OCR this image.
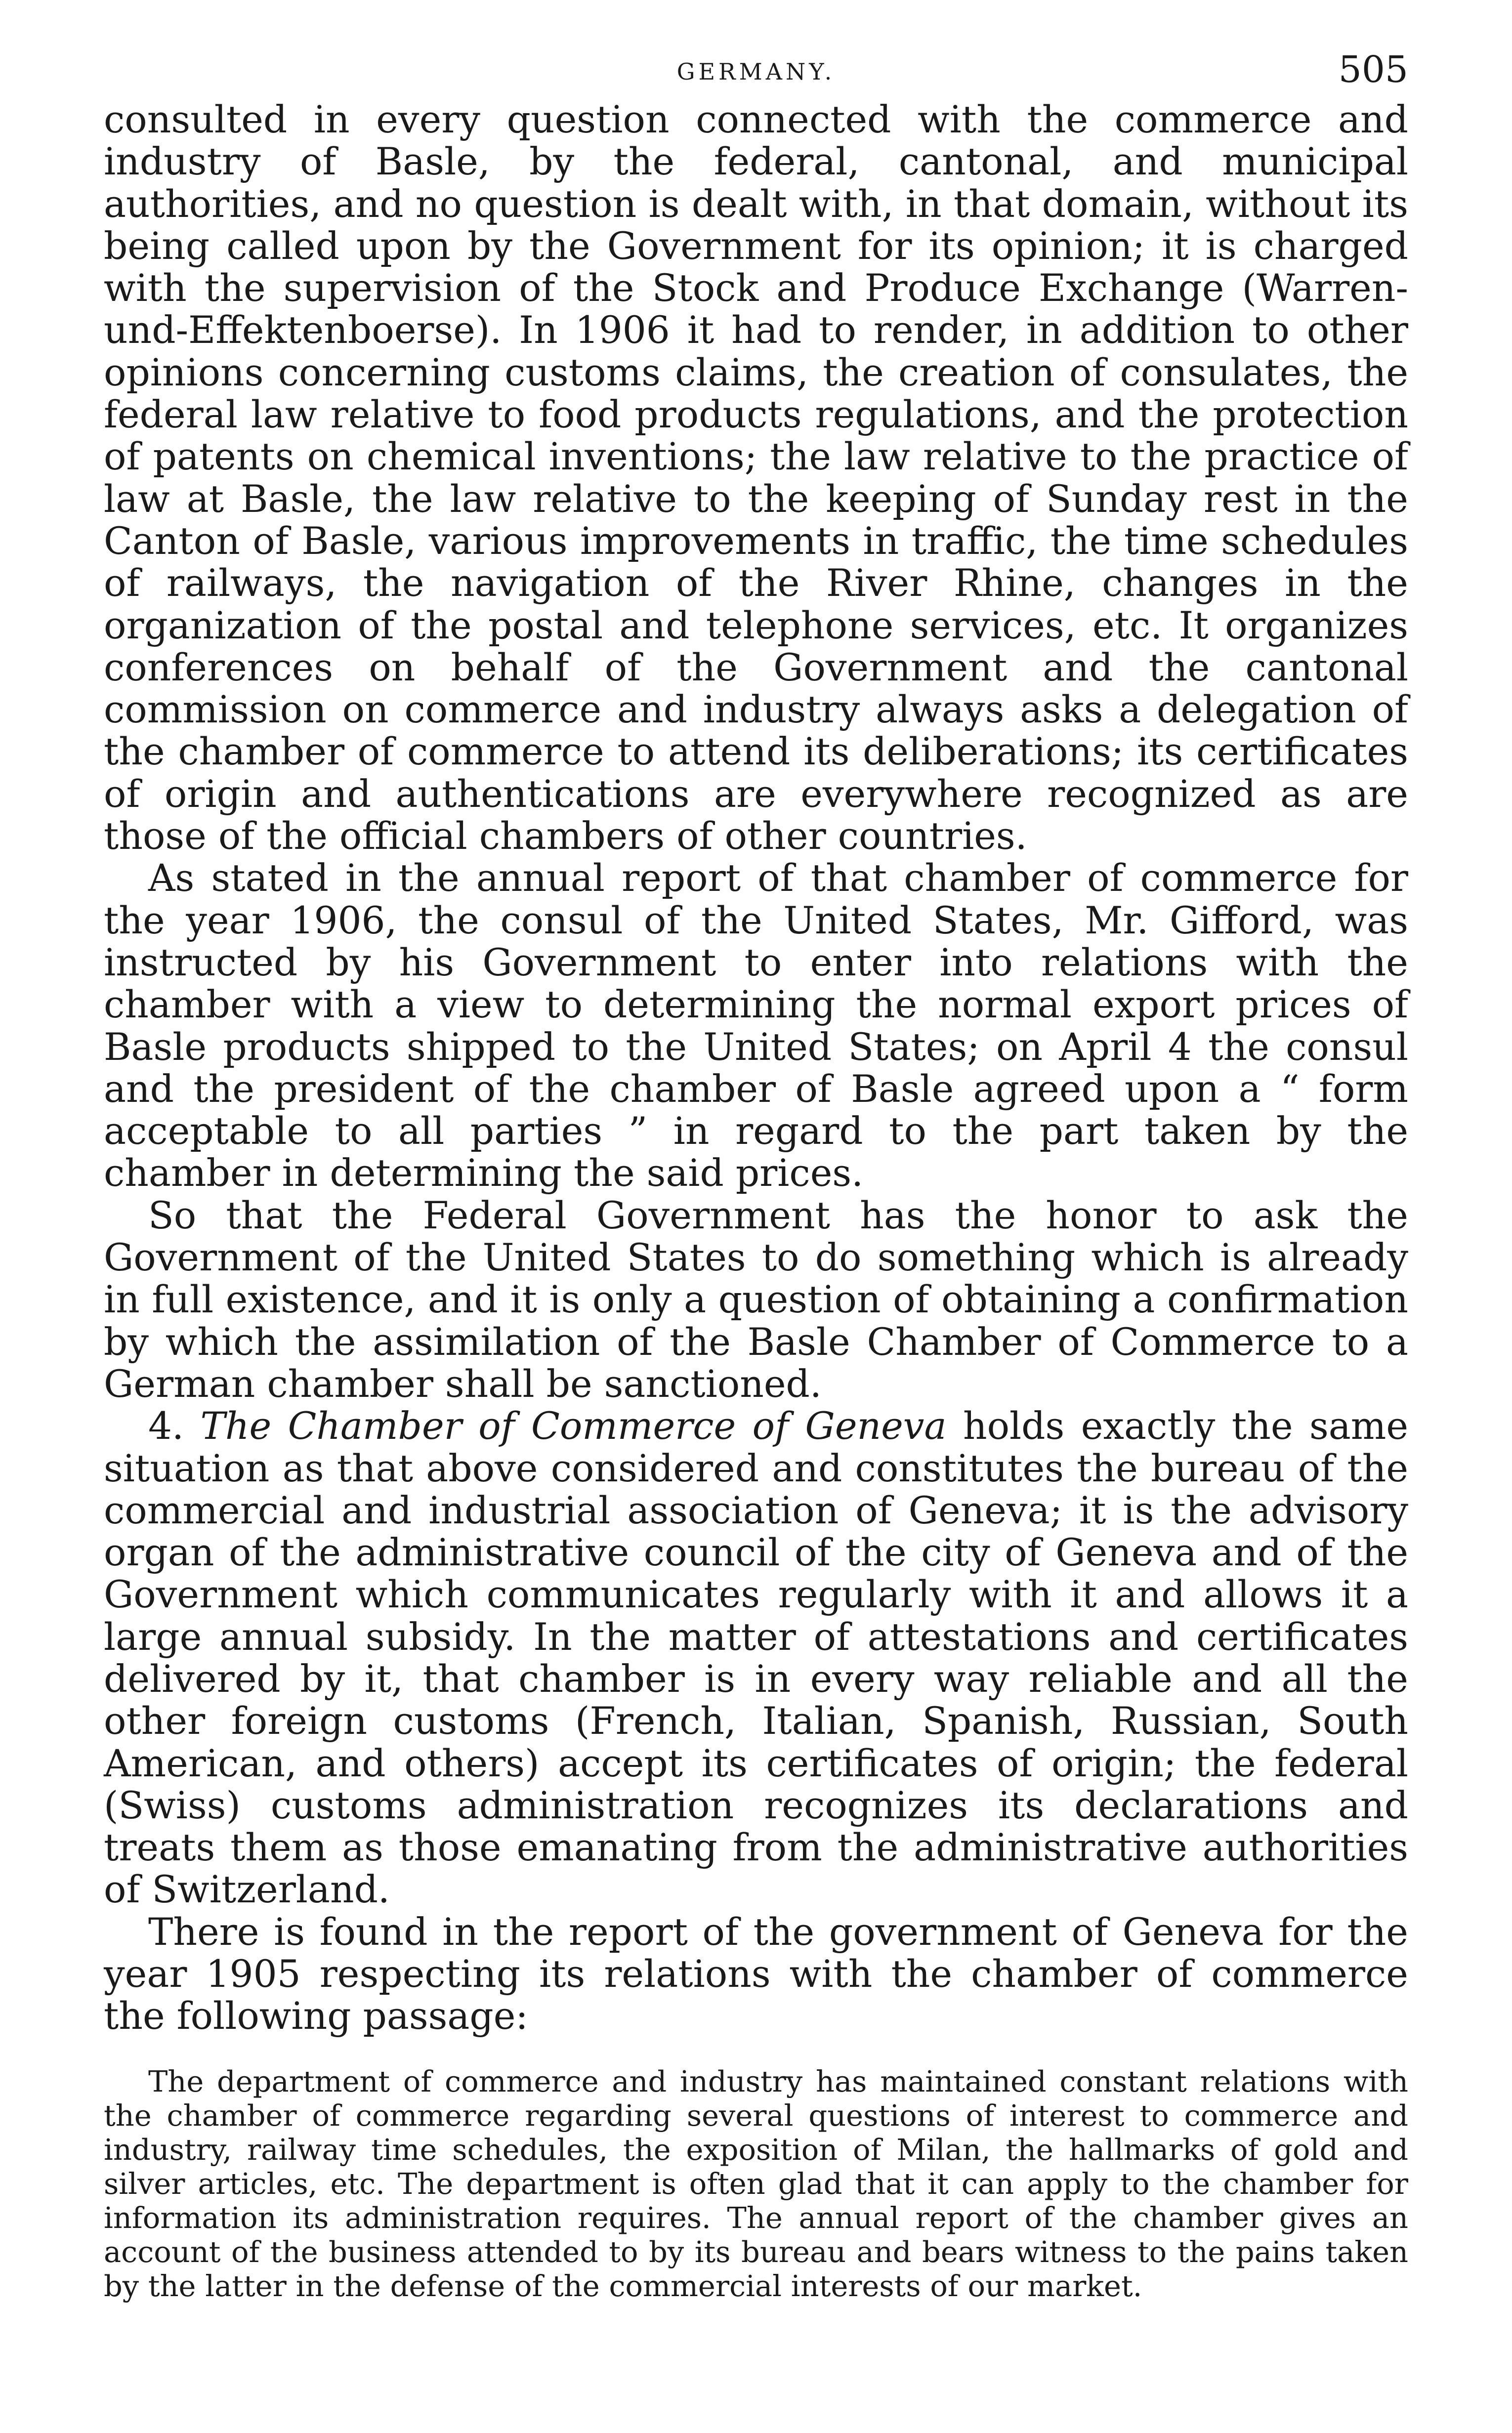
GERMANY.	505

consulted in every question connected with the commerce and industry of Basle, by the federal, cantonal, and municipal authorities, and no question is dealt with, in that domain, without its being called upon by the Government for its opinion; it is charged with the supervision of the Stock and Produce Exchange (Warren-und-Effektenboerse). In 1906 it had to render, in addition to other opinions concerning customs claims, the creation of consulates, the federal law relative to food products regulations, and the protection of patents on chemical inventions; the law relative to the practice of law at Basle, the law relative to the keeping of Sunday rest in the Canton of Basle, various improvements in traffic, the time schedules of railways, the navigation of the River Rhine, changes in the organization of the postal and telephone services, etc. It organizes conferences on behalf of the Government and the cantonal commission on commerce and industry always asks a delegation of the chamber of commerce to attend its deliberations; its certificates of origin and authentications are everywhere recognized as are those of the official chambers of other countries.

As stated in the annual report of that chamber of commerce for the year 1906, the consul of the United States, Mr. Gifford, was instructed by his Government to enter into relations with the chamber with a view to determining the normal export prices of Basle products shipped to the United States; on April 4 the consul and the president of the chamber of Basle agreed upon a “ form acceptable to all parties ” in regard to the part taken by the chamber in determining the said prices.

So that the Federal Government has the honor to ask the Government of the United States to do something which is already in full existence, and it is only a question of obtaining a confirmation by which the assimilation of the Basle Chamber of Commerce to a German chamber shall be sanctioned.

4. The Chamber of Commerce of Geneva holds exactly the same situation as that above considered and constitutes the bureau of the commercial and industrial association of Geneva; it is the advisory organ of the administrative council of the city of Geneva and of the Government which communicates regularly with it and allows it a large annual subsidy. In the matter of attestations and certificates delivered by it, that chamber is in every way reliable and all the other foreign customs (French, Italian, Spanish, Russian, South American, and others) accept its certificates of origin; the federal (Swiss) customs administration recognizes its declarations and treats them as those emanating from the administrative authorities of Switzerland.

There is found in the report of the government of Geneva for the year 1905 respecting its relations with the chamber of commerce the following passage:

The department of commerce and industry has maintained constant relations with the chamber of commerce regarding several questions of interest to commerce and industry, railway time schedules, the exposition of Milan, the hallmarks of gold and silver articles, etc. The department is often glad that it can apply to the chamber for information its administration requires. The annual report of the chamber gives an account of the business attended to by its bureau and bears witness to the pains taken by the latter in the defense of the commercial interests of our market.
